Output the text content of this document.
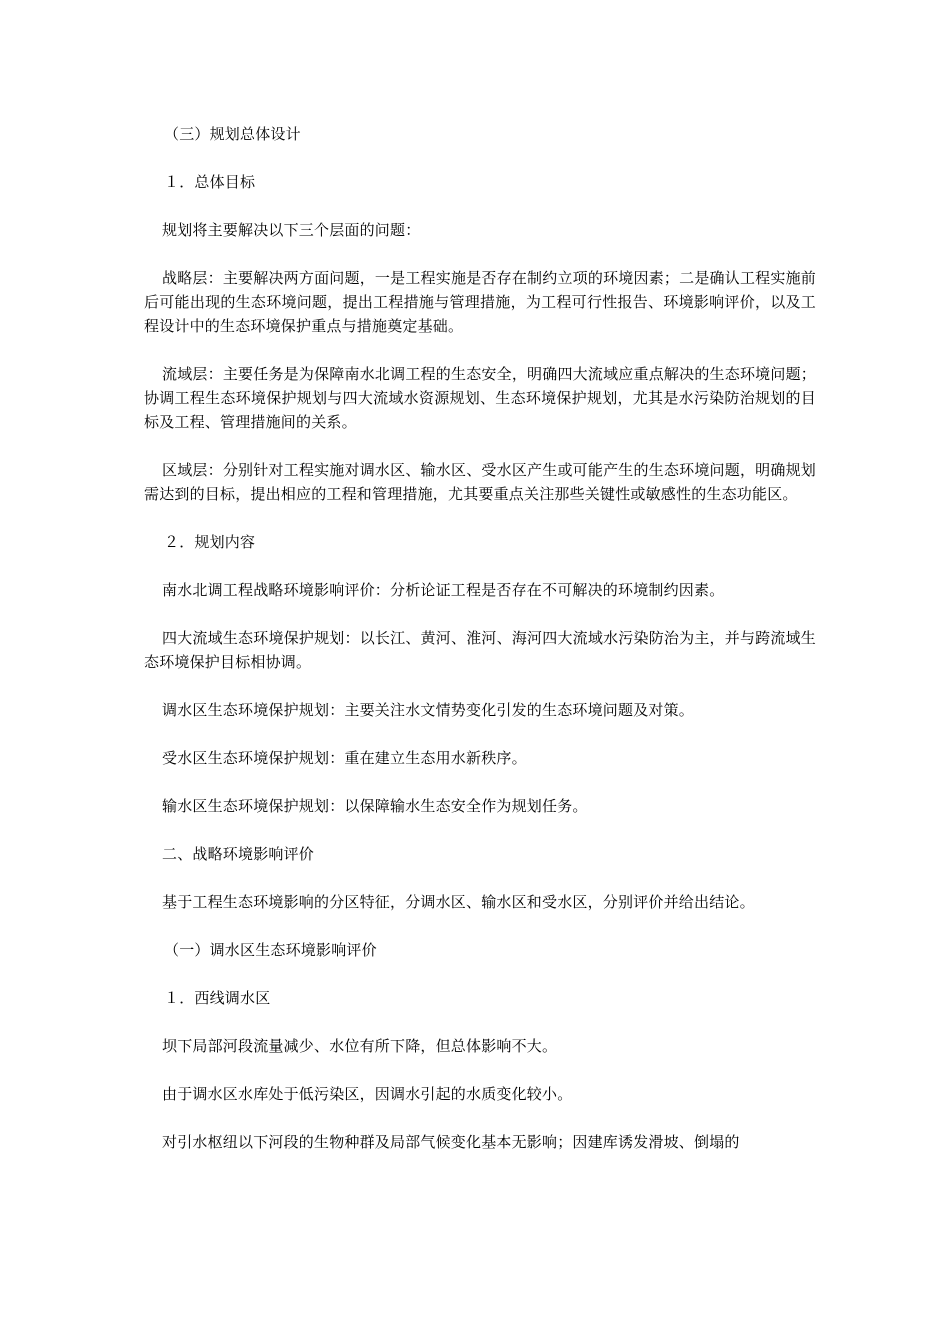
（三）规划总体设计

１．总体目标

规划将主要解决以下三个层面的问题：

战略层：主要解决两方面问题，一是工程实施是否存在制约立项的环境因素；二是确认工程实施前后可能出现的生态环境问题，提出工程措施与管理措施，为工程可行性报告、环境影响评价，以及工程设计中的生态环境保护重点与措施奠定基础。

流域层：主要任务是为保障南水北调工程的生态安全，明确四大流域应重点解决的生态环境问题；协调工程生态环境保护规划与四大流域水资源规划、生态环境保护规划，尤其是水污染防治规划的目标及工程、管理措施间的关系。

区域层：分别针对工程实施对调水区、输水区、受水区产生或可能产生的生态环境问题，明确规划需达到的目标，提出相应的工程和管理措施，尤其要重点关注那些关键性或敏感性的生态功能区。

２．规划内容

南水北调工程战略环境影响评价：分析论证工程是否存在不可解决的环境制约因素。

四大流域生态环境保护规划：以长江、黄河、淮河、海河四大流域水污染防治为主，并与跨流域生态环境保护目标相协调。

调水区生态环境保护规划：主要关注水文情势变化引发的生态环境问题及对策。

受水区生态环境保护规划：重在建立生态用水新秩序。

输水区生态环境保护规划：以保障输水生态安全作为规划任务。

二、战略环境影响评价

基于工程生态环境影响的分区特征，分调水区、输水区和受水区，分别评价并给出结论。

（一）调水区生态环境影响评价

１．西线调水区

坝下局部河段流量减少、水位有所下降，但总体影响不大。

由于调水区水库处于低污染区，因调水引起的水质变化较小。

对引水枢纽以下河段的生物种群及局部气候变化基本无影响；因建库诱发滑坡、倒塌的
